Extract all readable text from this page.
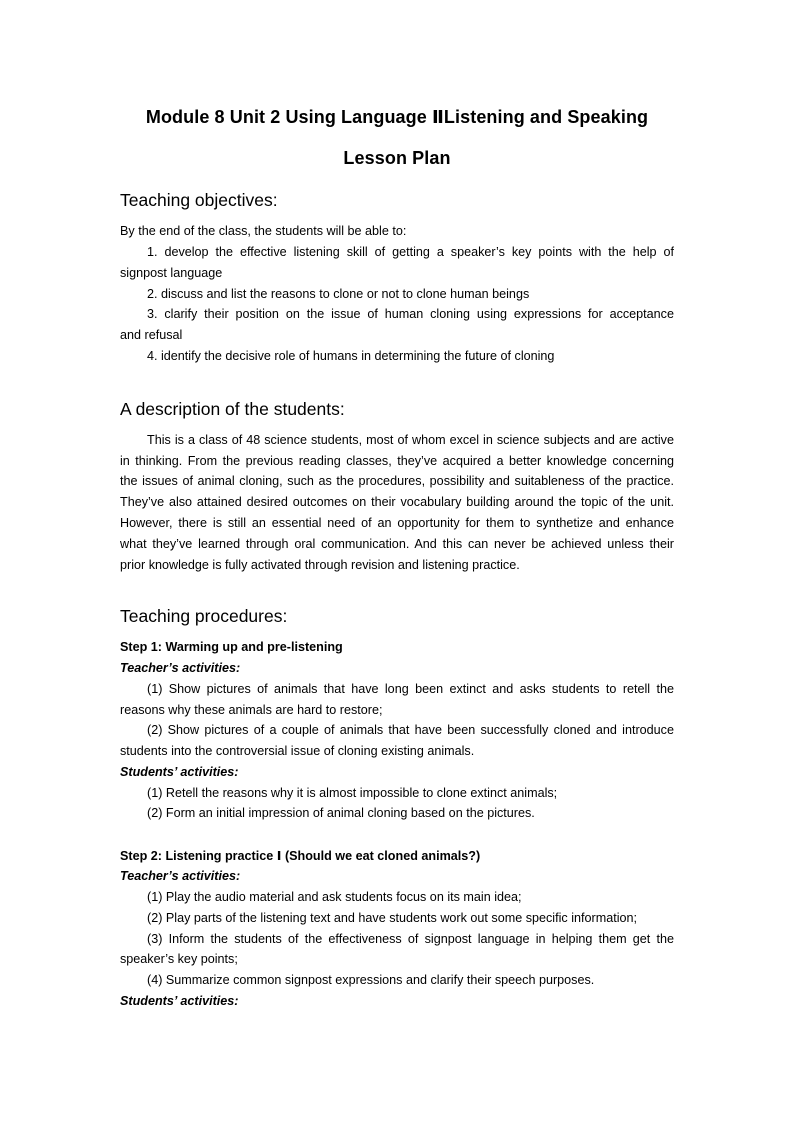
Module 8 Unit 2 Using Language ⅡListening and Speaking
Lesson Plan
Teaching objectives:
By the end of the class, the students will be able to:
1. develop the effective listening skill of getting a speaker’s key points with the help of
signpost language
2. discuss and list the reasons to clone or not to clone human beings
3. clarify their position on the issue of human cloning using expressions for acceptance
and refusal
4. identify the decisive role of humans in determining the future of cloning
A description of the students:
This is a class of 48 science students, most of whom excel in science subjects and are active
in thinking. From the previous reading classes, they’ve acquired a better knowledge concerning
the issues of animal cloning, such as the procedures, possibility and suitableness of the practice.
They’ve also attained desired outcomes on their vocabulary building around the topic of the unit.
However, there is still an essential need of an opportunity for them to synthetize and enhance
what they’ve learned through oral communication. And this can never be achieved unless their
prior knowledge is fully activated through revision and listening practice.
Teaching procedures:
Step 1: Warming up and pre-listening
Teacher’s activities:
(1) Show pictures of animals that have long been extinct and asks students to retell the
reasons why these animals are hard to restore;
(2) Show pictures of a couple of animals that have been successfully cloned and introduce
students into the controversial issue of cloning existing animals.
Students’ activities:
(1) Retell the reasons why it is almost impossible to clone extinct animals;
(2) Form an initial impression of animal cloning based on the pictures.
Step 2: Listening practice Ⅰ (Should we eat cloned animals?)
Teacher’s activities:
(1) Play the audio material and ask students focus on its main idea;
(2) Play parts of the listening text and have students work out some specific information;
(3) Inform the students of the effectiveness of signpost language in helping them get the
speaker’s key points;
(4) Summarize common signpost expressions and clarify their speech purposes.
Students’ activities:
